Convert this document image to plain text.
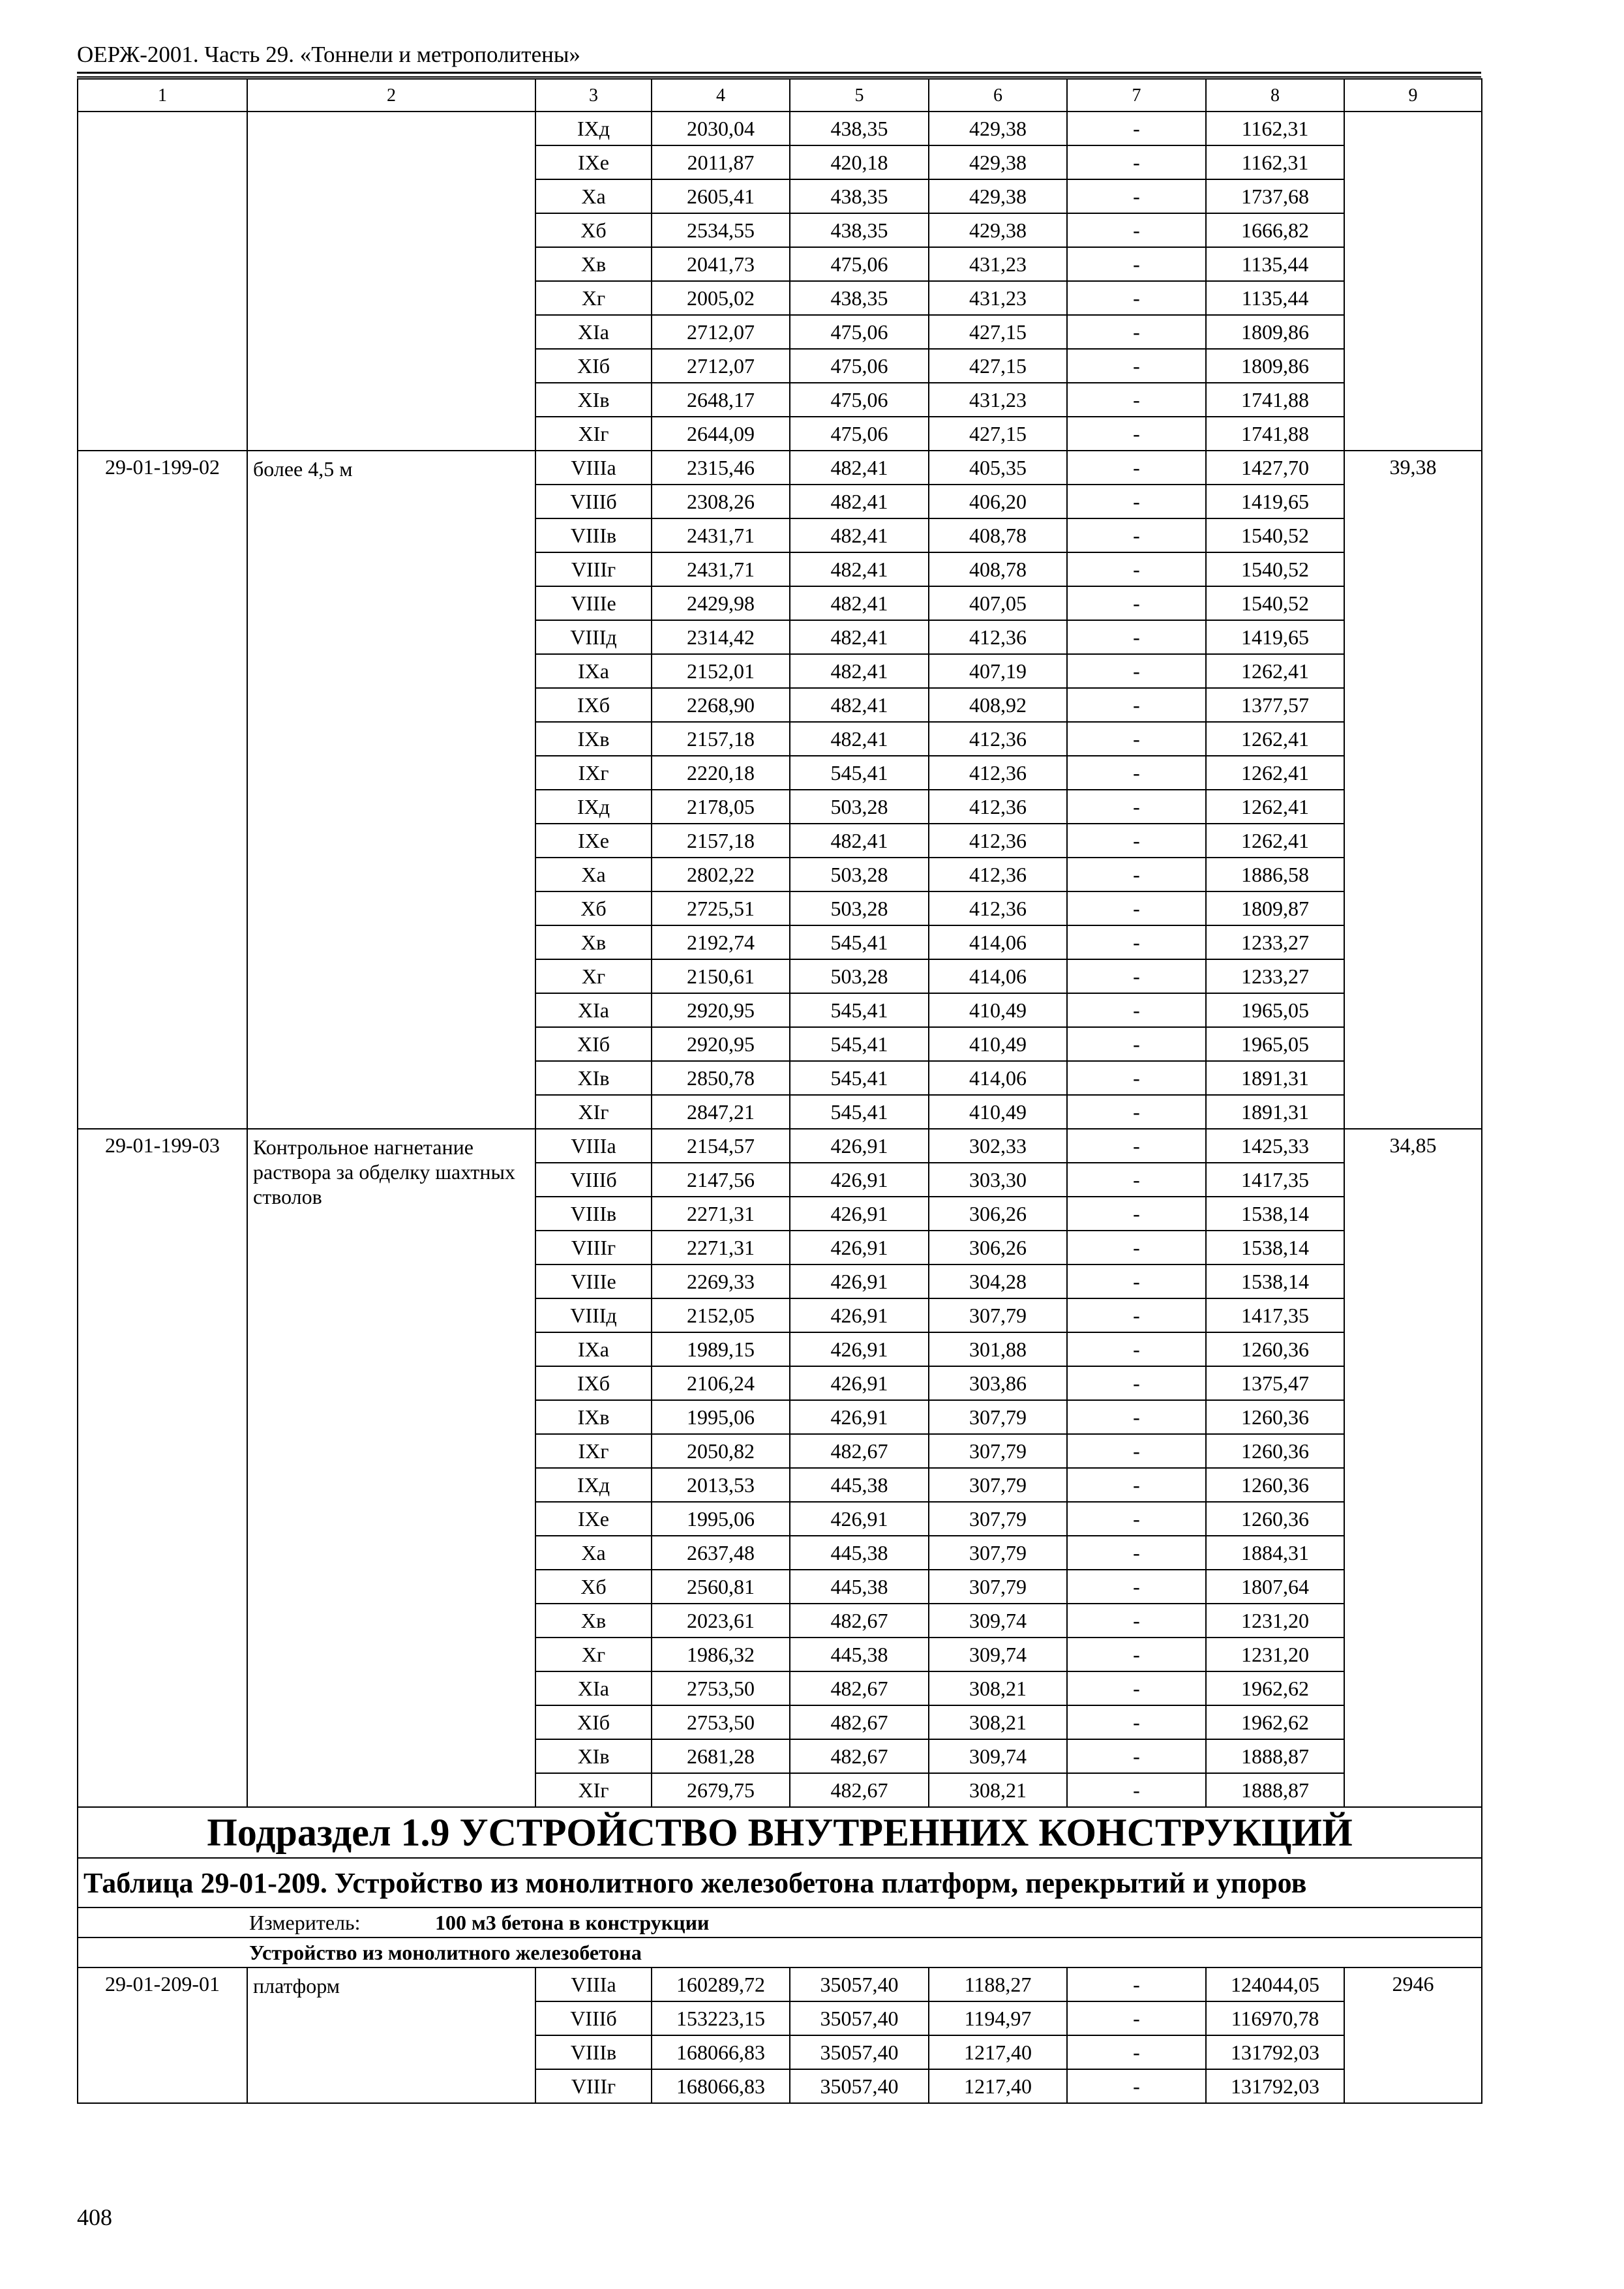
ОЕРЖ-2001. Часть 29. «Тоннели и метрополитены»
1	2	3	4	5	6	7	8	9
		IXд	2030,04	438,35	429,38	-	1162,31	
		IXе	2011,87	420,18	429,38	-	1162,31	
		Xа	2605,41	438,35	429,38	-	1737,68	
		Xб	2534,55	438,35	429,38	-	1666,82	
		Xв	2041,73	475,06	431,23	-	1135,44	
		Xг	2005,02	438,35	431,23	-	1135,44	
		XIа	2712,07	475,06	427,15	-	1809,86	
		XIб	2712,07	475,06	427,15	-	1809,86	
		XIв	2648,17	475,06	431,23	-	1741,88	
		XIг	2644,09	475,06	427,15	-	1741,88	
29-01-199-02	более 4,5 м	VIIIа	2315,46	482,41	405,35	-	1427,70	39,38
		VIIIб	2308,26	482,41	406,20	-	1419,65	
		VIIIв	2431,71	482,41	408,78	-	1540,52	
		VIIIг	2431,71	482,41	408,78	-	1540,52	
		VIIIе	2429,98	482,41	407,05	-	1540,52	
		VIIIд	2314,42	482,41	412,36	-	1419,65	
		IXа	2152,01	482,41	407,19	-	1262,41	
		IXб	2268,90	482,41	408,92	-	1377,57	
		IXв	2157,18	482,41	412,36	-	1262,41	
		IXг	2220,18	545,41	412,36	-	1262,41	
		IXд	2178,05	503,28	412,36	-	1262,41	
		IXе	2157,18	482,41	412,36	-	1262,41	
		Xа	2802,22	503,28	412,36	-	1886,58	
		Xб	2725,51	503,28	412,36	-	1809,87	
		Xв	2192,74	545,41	414,06	-	1233,27	
		Xг	2150,61	503,28	414,06	-	1233,27	
		XIа	2920,95	545,41	410,49	-	1965,05	
		XIб	2920,95	545,41	410,49	-	1965,05	
		XIв	2850,78	545,41	414,06	-	1891,31	
		XIг	2847,21	545,41	410,49	-	1891,31	
29-01-199-03	Контрольное нагнетание раствора за обделку шахтных стволов	VIIIа	2154,57	426,91	302,33	-	1425,33	34,85
		VIIIб	2147,56	426,91	303,30	-	1417,35	
		VIIIв	2271,31	426,91	306,26	-	1538,14	
		VIIIг	2271,31	426,91	306,26	-	1538,14	
		VIIIе	2269,33	426,91	304,28	-	1538,14	
		VIIIд	2152,05	426,91	307,79	-	1417,35	
		IXа	1989,15	426,91	301,88	-	1260,36	
		IXб	2106,24	426,91	303,86	-	1375,47	
		IXв	1995,06	426,91	307,79	-	1260,36	
		IXг	2050,82	482,67	307,79	-	1260,36	
		IXд	2013,53	445,38	307,79	-	1260,36	
		IXе	1995,06	426,91	307,79	-	1260,36	
		Xа	2637,48	445,38	307,79	-	1884,31	
		Xб	2560,81	445,38	307,79	-	1807,64	
		Xв	2023,61	482,67	309,74	-	1231,20	
		Xг	1986,32	445,38	309,74	-	1231,20	
		XIа	2753,50	482,67	308,21	-	1962,62	
		XIб	2753,50	482,67	308,21	-	1962,62	
		XIв	2681,28	482,67	309,74	-	1888,87	
		XIг	2679,75	482,67	308,21	-	1888,87	
Подраздел 1.9 УСТРОЙСТВО ВНУТРЕННИХ КОНСТРУКЦИЙ								
Таблица 29-01-209. Устройство из монолитного железобетона платформ, перекрытий и упоров								
Измеритель: 100 м3 бетона в конструкции								
Устройство из монолитного железобетона								
29-01-209-01	платформ	VIIIа	160289,72	35057,40	1188,27	-	124044,05	2946
		VIIIб	153223,15	35057,40	1194,97	-	116970,78	
		VIIIв	168066,83	35057,40	1217,40	-	131792,03	
		VIIIг	168066,83	35057,40	1217,40	-	131792,03	
408
